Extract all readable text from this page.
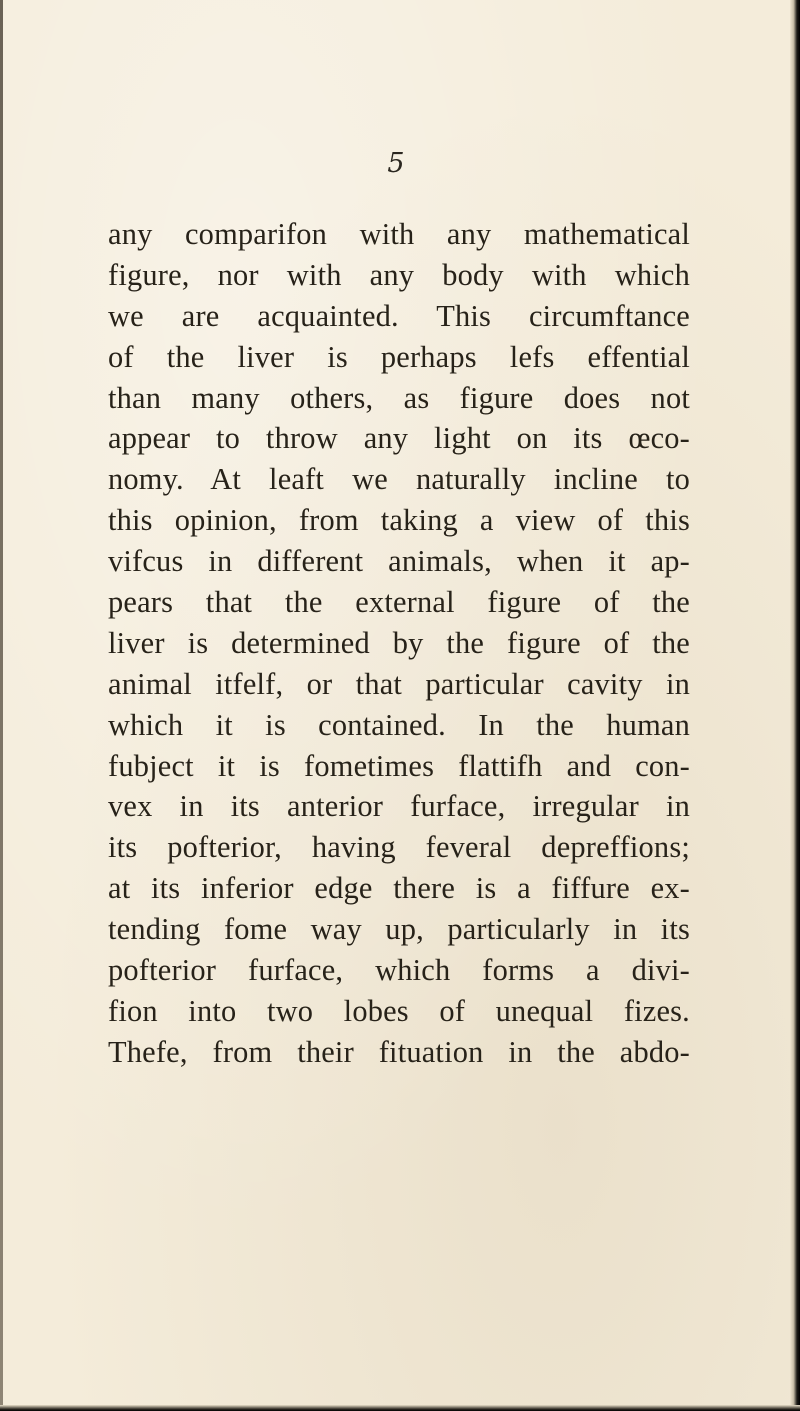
5
any comparifon with any mathematical
figure, nor with any body with which
we are acquainted. This circumftance
of the liver is perhaps lefs effential
than many others, as figure does not
appear to throw any light on its œco-
nomy. At leaft we naturally incline to
this opinion, from taking a view of this
vifcus in different animals, when it ap-
pears that the external figure of the
liver is determined by the figure of the
animal itfelf, or that particular cavity in
which it is contained. In the human
fubject it is fometimes flattifh and con-
vex in its anterior furface, irregular in
its pofterior, having feveral depreffions;
at its inferior edge there is a fiffure ex-
tending fome way up, particularly in its
pofterior furface, which forms a divi-
fion into two lobes of unequal fizes.
Thefe, from their fituation in the abdo-
